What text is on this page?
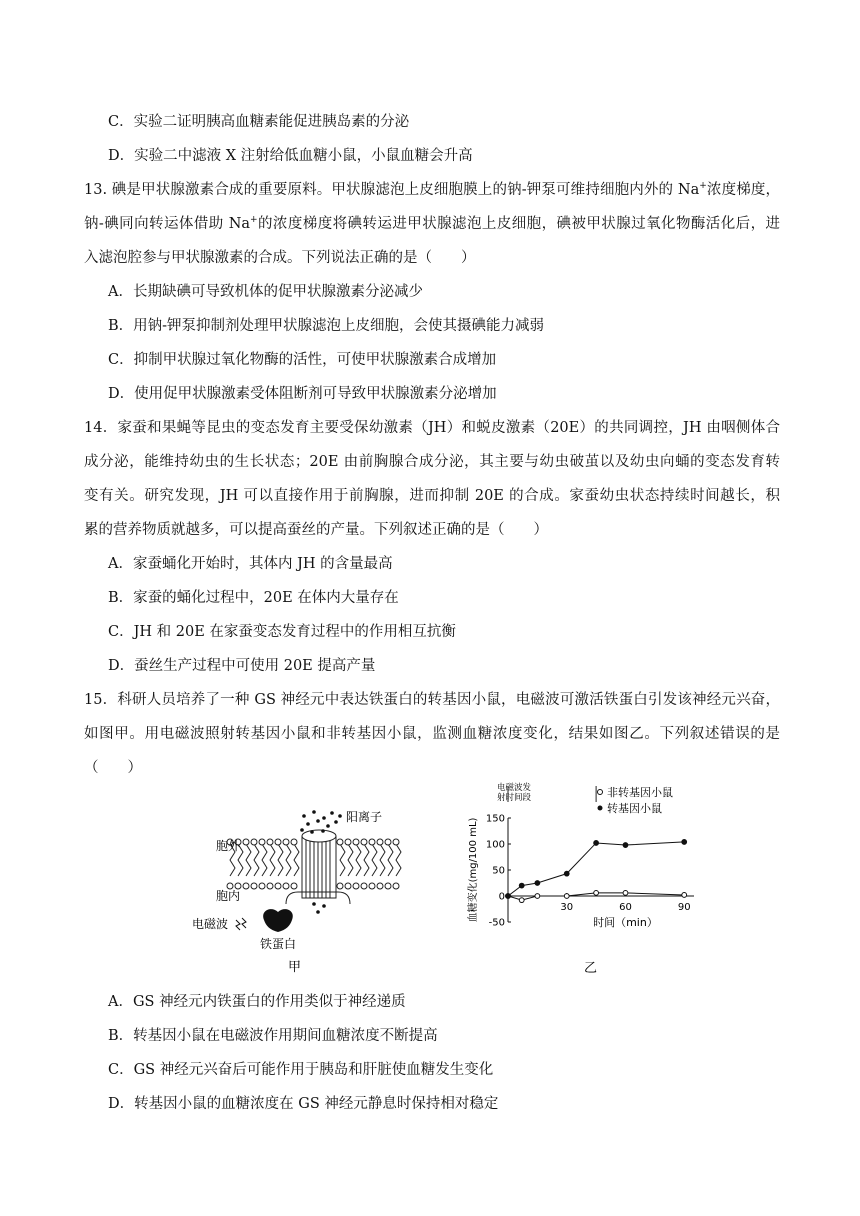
C．实验二证明胰高血糖素能促进胰岛素的分泌
D．实验二中滤液 X 注射给低血糖小鼠，小鼠血糖会升高
13. 碘是甲状腺激素合成的重要原料。甲状腺滤泡上皮细胞膜上的钠-钾泵可维持细胞内外的 Na+浓度梯度，
钠-碘同向转运体借助 Na+的浓度梯度将碘转运进甲状腺滤泡上皮细胞，碘被甲状腺过氧化物酶活化后，进
入滤泡腔参与甲状腺激素的合成。下列说法正确的是（　　）
A．长期缺碘可导致机体的促甲状腺激素分泌减少
B．用钠-钾泵抑制剂处理甲状腺滤泡上皮细胞，会使其摄碘能力减弱
C．抑制甲状腺过氧化物酶的活性，可使甲状腺激素合成增加
D．使用促甲状腺激素受体阻断剂可导致甲状腺激素分泌增加
14．家蚕和果蝇等昆虫的变态发育主要受保幼激素（JH）和蜕皮激素（20E）的共同调控，JH 由咽侧体合
成分泌，能维持幼虫的生长状态；20E 由前胸腺合成分泌，其主要与幼虫破茧以及幼虫向蛹的变态发育转
变有关。研究发现，JH 可以直接作用于前胸腺，进而抑制 20E 的合成。家蚕幼虫状态持续时间越长，积
累的营养物质就越多，可以提高蚕丝的产量。下列叙述正确的是（　　）
A．家蚕蛹化开始时，其体内 JH 的含量最高
B．家蚕的蛹化过程中，20E 在体内大量存在
C．JH 和 20E 在家蚕变态发育过程中的作用相互抗衡
D．蚕丝生产过程中可使用 20E 提高产量
15．科研人员培养了一种 GS 神经元中表达铁蛋白的转基因小鼠，电磁波可激活铁蛋白引发该神经元兴奋，
如图甲。用电磁波照射转基因小鼠和非转基因小鼠，监测血糖浓度变化，结果如图乙。下列叙述错误的是
（　　）
阳离子
胞外
胞内
电磁波
铁蛋白
甲
电磁波发
射时间段	非转基因小鼠
转基因小鼠
-50
0
50
100
150
30	60	90
血糖变化(mg/100 mL)
时间（min）
乙
A．GS 神经元内铁蛋白的作用类似于神经递质
B．转基因小鼠在电磁波作用期间血糖浓度不断提高
C．GS 神经元兴奋后可能作用于胰岛和肝脏使血糖发生变化
D．转基因小鼠的血糖浓度在 GS 神经元静息时保持相对稳定
